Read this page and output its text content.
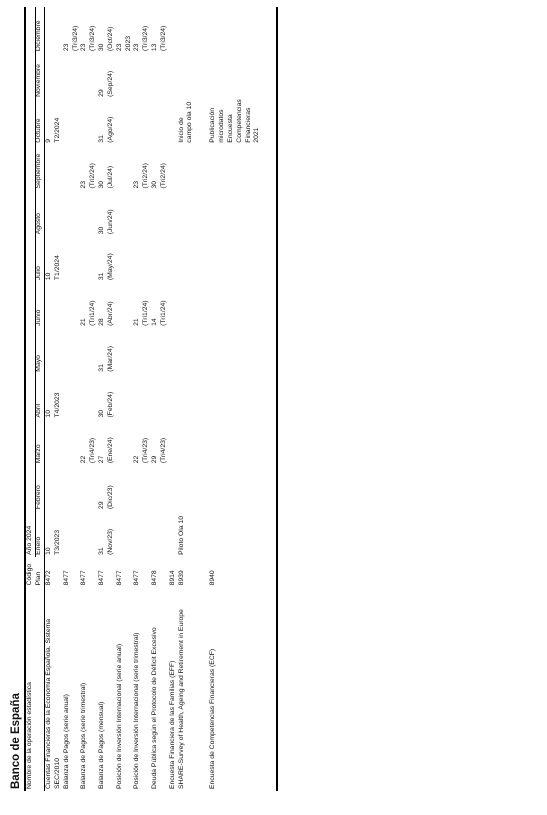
Banco de España Nombre de la operación estadística	Código	Año 2024											
	Plan												
		Enero	Febrero	Marzo	Abril	Mayo	Junio	Julio	Agosto	Septiembre	Octubre	Noviembre	Diciembre
Cuentas Financieras de la Economía Española. Sistema SEC/2010	8472	10 T3/2023			10 T4/2023			10 T1/2024			9 T2/2024		

Balanza de Pagos (serie anual)	8477												23 (Tri3/24)

Balanza de Pagos (serie trimestral)	8477			22 (Tri4/23)			21 (Tri1/24)			23 (Tri2/24)			23 (Tri3/24)

Balanza de Pagos (mensual)	8477	31 (Nov/23)	29 (Dic/23)	27 (Ene/24)	30 (Feb/24)	31 (Mar/24)	28 (Abr/24)	31 (May/24)	30 (Jun/24)	30 (Jul/24)	31 (Ago/24)	29 (Sep/24)	30 (Oct/24)

Posición de Inversión Internacional (serie anual)	8477												23 2023

Posición de Inversión Internacional (serie trimestral)	8477			22 (Tri4/23)			21 (Tri1/24)			23 (Tri2/24)			23 (Tri3/24)

Deuda Pública según el Protocolo de Déficit Excesivo	8478			29 (Tri4/23)			14 (Tri1/24)			30 (Tri2/24)			13 (Tri3/24)

Encuesta Financiera de las Familias (EFF)	8914	

SHARE-Survey of Health, Ageing and Retirement in Europe	8939	Piloto Ola 10									Inicio de campo ola 10		

Encuesta de Competencias Financieras (ECF)	8940										Publicación microdatos Encuesta Competencias Financieras 2021		
